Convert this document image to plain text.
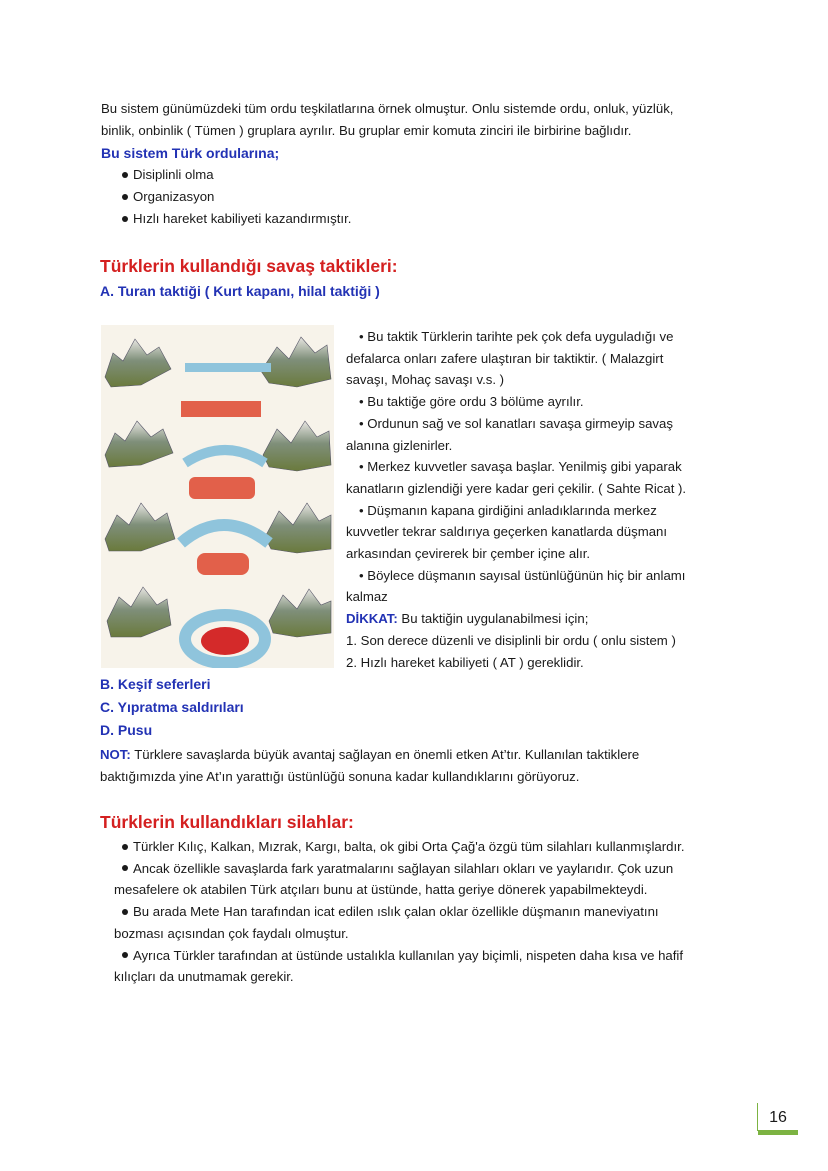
Bu sistem günümüzdeki tüm ordu teşkilatlarına örnek olmuştur. Onlu sistemde ordu, onluk, yüzlük,

binlik, onbinlik ( Tümen ) gruplara ayrılır. Bu gruplar emir komuta zinciri ile birbirine bağlıdır.

Bu sistem Türk ordularına;

Disiplinli olma
Organizasyon
Hızlı hareket kabiliyeti kazandırmıştır.
Türklerin kullandığı savaş taktikleri:
A. Turan taktiği ( Kurt kapanı, hilal taktiği )

• Bu taktik Türklerin tarihte pek çok defa uyguladığı ve

defalarca onları zafere ulaştıran bir taktiktir. ( Malazgirt

savaşı, Mohaç savaşı v.s. )

• Bu taktiğe göre ordu 3 bölüme ayrılır.

• Ordunun sağ ve sol kanatları savaşa girmeyip savaş

alanına gizlenirler.

• Merkez kuvvetler savaşa başlar. Yenilmiş gibi yaparak

kanatların gizlendiği yere kadar geri çekilir. ( Sahte Ricat ).

• Düşmanın kapana girdiğini anladıklarında merkez

kuvvetler tekrar saldırıya geçerken kanatlarda düşmanı

arkasından çevirerek bir çember içine alır.

• Böylece düşmanın sayısal üstünlüğünün hiç bir anlamı

kalmaz

DİKKAT: Bu taktiğin uygulanabilmesi için;

1. Son derece düzenli ve disiplinli bir ordu ( onlu sistem )

2. Hızlı hareket kabiliyeti ( AT ) gereklidir.

B. Keşif seferleri
C. Yıpratma saldırıları
D. Pusu

NOT: Türklere savaşlarda büyük avantaj sağlayan en önemli etken At’tır. Kullanılan taktiklere

baktığımızda yine At’ın yarattığı üstünlüğü sonuna kadar kullandıklarını görüyoruz.

Türklerin kullandıkları silahlar:

Türkler Kılıç, Kalkan, Mızrak, Kargı, balta, ok gibi Orta Çağ'a özgü tüm silahları kullanmışlardır.

Ancak özellikle savaşlarda fark yaratmalarını sağlayan silahları okları ve yaylarıdır. Çok uzun

mesafelere ok atabilen Türk atçıları bunu at üstünde, hatta geriye dönerek yapabilmekteydi.

Bu arada Mete Han tarafından icat edilen ıslık çalan oklar özellikle düşmanın maneviyatını

bozması açısından çok faydalı olmuştur.

Ayrıca Türkler tarafından at üstünde ustalıkla kullanılan yay biçimli, nispeten daha kısa ve hafif

kılıçları da unutmamak gerekir.

16
